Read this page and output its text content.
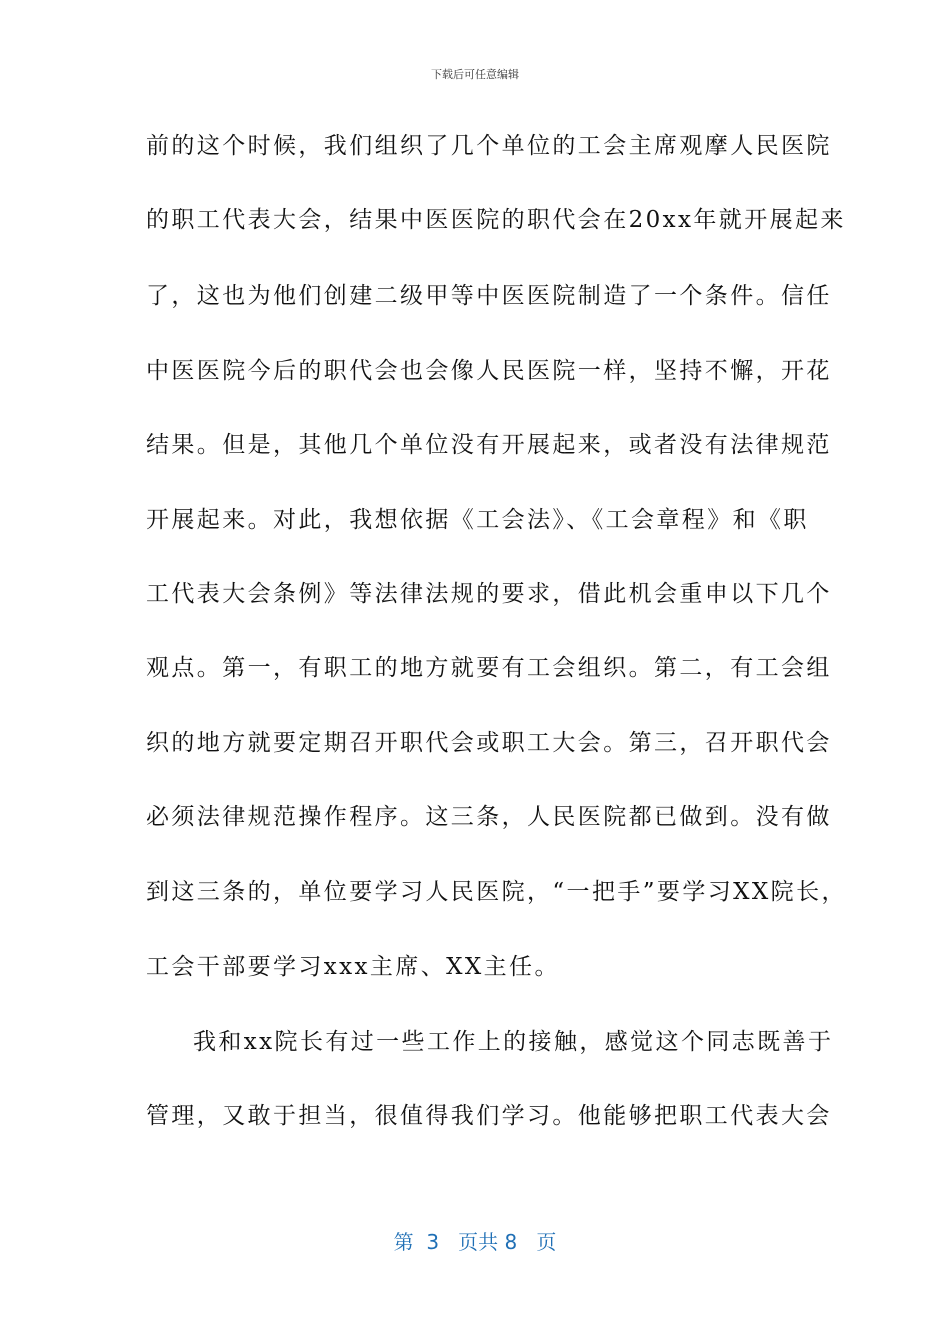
下载后可任意编辑
前的这个时候，我们组织了几个单位的工会主席观摩人民医院
的职工代表大会，结果中医医院的职代会在20xx年就开展起来
了，这也为他们创建二级甲等中医医院制造了一个条件。信任
中医医院今后的职代会也会像人民医院一样，坚持不懈，开花
结果。但是，其他几个单位没有开展起来，或者没有法律规范
开展起来。对此，我想依据《工会法》、《工会章程》和《职
工代表大会条例》等法律法规的要求，借此机会重申以下几个
观点。第一，有职工的地方就要有工会组织。第二，有工会组
织的地方就要定期召开职代会或职工大会。第三，召开职代会
必须法律规范操作程序。这三条，人民医院都已做到。没有做
到这三条的，单位要学习人民医院，“一把手”要学习XX院长，
工会干部要学习xxx主席、XX主任。
我和xx院长有过一些工作上的接触，感觉这个同志既善于
管理，又敢于担当，很值得我们学习。他能够把职工代表大会
第  3   页共 8   页
